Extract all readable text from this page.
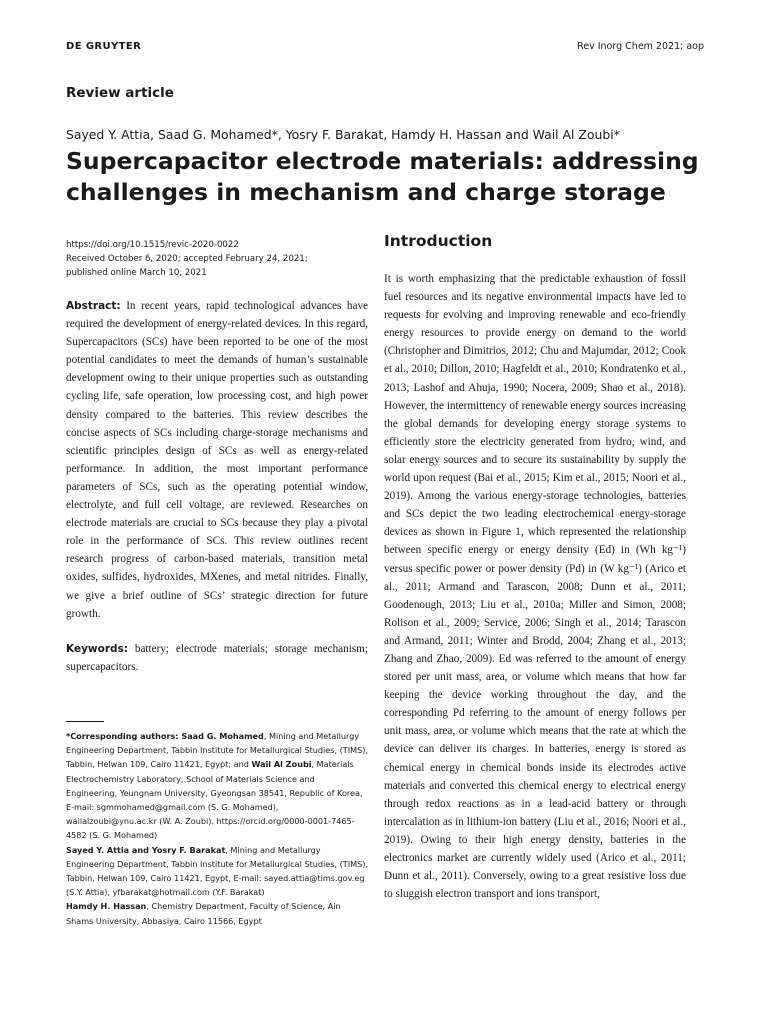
DE GRUYTER	Rev Inorg Chem 2021; aop
Review article
Sayed Y. Attia, Saad G. Mohamed*, Yosry F. Barakat, Hamdy H. Hassan and Wail Al Zoubi*
Supercapacitor electrode materials: addressing
challenges in mechanism and charge storage
https://doi.org/10.1515/revic-2020-0022
Received October 6, 2020; accepted February 24, 2021;
published online March 10, 2021

Abstract: In recent years, rapid technological advances have required the development of energy-related devices. In this regard, Supercapacitors (SCs) have been reported to be one of the most potential candidates to meet the demands of human’s sustainable development owing to their unique properties such as outstanding cycling life, safe operation, low processing cost, and high power density compared to the batteries. This review describes the concise aspects of SCs including charge-storage mechanisms and scientific principles design of SCs as well as energy-related performance. In addition, the most important performance parameters of SCs, such as the operating potential window, electrolyte, and full cell voltage, are reviewed. Researches on electrode materials are crucial to SCs because they play a pivotal role in the performance of SCs. This review outlines recent research progress of carbon-based materials, transition metal oxides, sulfides, hydroxides, MXenes, and metal nitrides. Finally, we give a brief outline of SCs’ strategic direction for future growth.

Keywords: battery; electrode materials; storage mechanism; supercapacitors.

*Corresponding authors: Saad G. Mohamed, Mining and Metallurgy Engineering Department, Tabbin Institute for Metallurgical Studies, (TIMS), Tabbin, Helwan 109, Cairo 11421, Egypt; and Wail Al Zoubi, Materials Electrochemistry Laboratory, School of Materials Science and Engineering, Yeungnam University, Gyeongsan 38541, Republic of Korea, E-mail: sgmmohamed@gmail.com (S. G. Mohamed), wailalzoubi@ynu.ac.kr (W. A. Zoubi). https://orcid.org/0000-0001-7465-4582 (S. G. Mohamed)

Sayed Y. Attia and Yosry F. Barakat, Mining and Metallurgy Engineering Department, Tabbin Institute for Metallurgical Studies, (TIMS), Tabbin, Helwan 109, Cairo 11421, Egypt, E-mail: sayed.attia@tims.gov.eg (S.Y. Attia), yfbarakat@hotmail.com (Y.F. Barakat)

Hamdy H. Hassan, Chemistry Department, Faculty of Science, Ain Shams University, Abbasiya, Cairo 11566, Egypt

Introduction

It is worth emphasizing that the predictable exhaustion of fossil fuel resources and its negative environmental impacts have led to requests for evolving and improving renewable and eco-friendly energy resources to provide energy on demand to the world (Christopher and Dimitrios, 2012; Chu and Majumdar, 2012; Cook et al., 2010; Dillon, 2010; Hagfeldt et al., 2010; Kondratenko et al., 2013; Lashof and Ahuja, 1990; Nocera, 2009; Shao et al., 2018). However, the intermittency of renewable energy sources increasing the global demands for developing energy storage systems to efficiently store the electricity generated from hydro, wind, and solar energy sources and to secure its sustainability by supply the world upon request (Bai et al., 2015; Kim et al., 2015; Noori et al., 2019). Among the various energy-storage technologies, batteries and SCs depict the two leading electrochemical energy-storage devices as shown in Figure 1, which represented the relationship between specific energy or energy density (Ed) in (Wh kg⁻¹) versus specific power or power density (Pd) in (W kg⁻¹) (Arico et al., 2011; Armand and Tarascon, 2008; Dunn et al., 2011; Goodenough, 2013; Liu et al., 2010a; Miller and Simon, 2008; Rolison et al., 2009; Service, 2006; Singh et al., 2014; Tarascon and Armand, 2011; Winter and Brodd, 2004; Zhang et al., 2013; Zhang and Zhao, 2009). Ed was referred to the amount of energy stored per unit mass, area, or volume which means that how far keeping the device working throughout the day, and the corresponding Pd referring to the amount of energy follows per unit mass, area, or volume which means that the rate at which the device can deliver its charges. In batteries, energy is stored as chemical energy in chemical bonds inside its electrodes active materials and converted this chemical energy to electrical energy through redox reactions as in a lead-acid battery or through intercalation as in lithium-ion battery (Liu et al., 2016; Noori et al., 2019). Owing to their high energy density, batteries in the electronics market are currently widely used (Arico et al., 2011; Dunn et al., 2011). Conversely, owing to a great resistive loss due to sluggish electron transport and ions transport,
